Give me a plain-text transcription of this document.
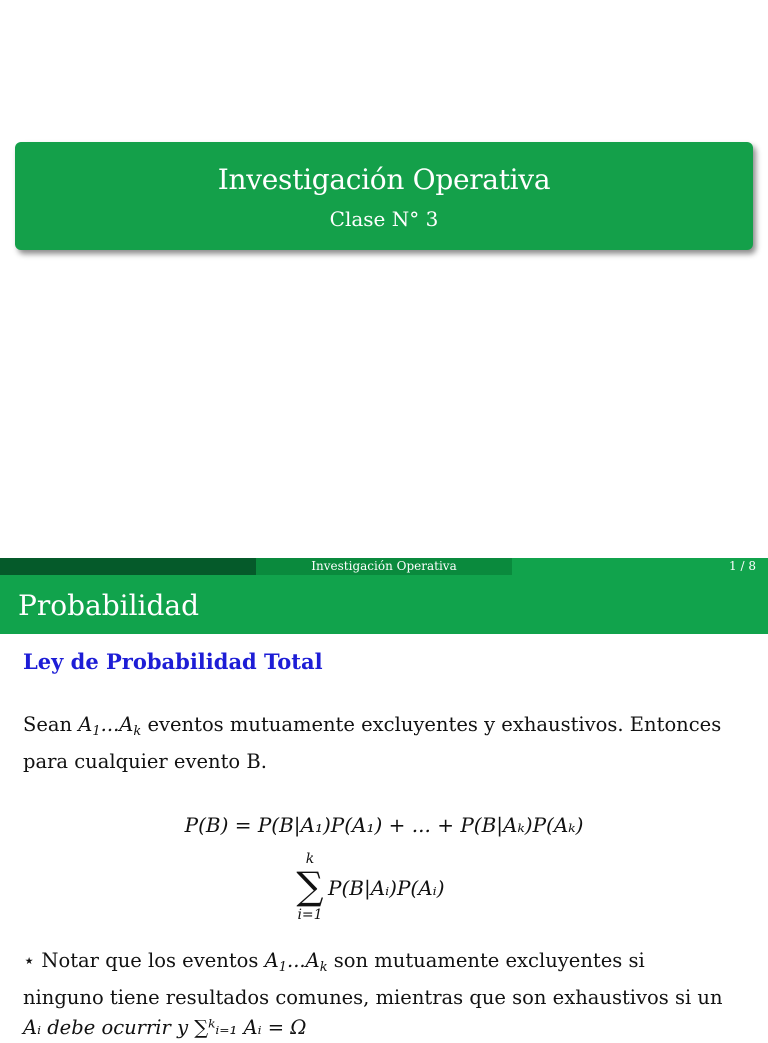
Investigación Operativa
Clase N° 3
Investigación Operativa	1 / 8
Probabilidad
Ley de Probabilidad Total
Sean $A_1...A_k$ eventos mutuamente excluyentes y exhaustivos. Entonces
para cualquier evento B.
P(B) = P(B|A₁)P(A₁) + ... + P(B|Aₖ)P(Aₖ)
k
∑
i=1
P(B|Aᵢ)P(Aᵢ)
⋆ Notar que los eventos $A_1...A_k$ son mutuamente excluyentes si
ninguno tiene resultados comunes, mientras que son exhaustivos si un
Aᵢ debe ocurrir y ∑ᵏᵢ₌₁ Aᵢ = Ω
